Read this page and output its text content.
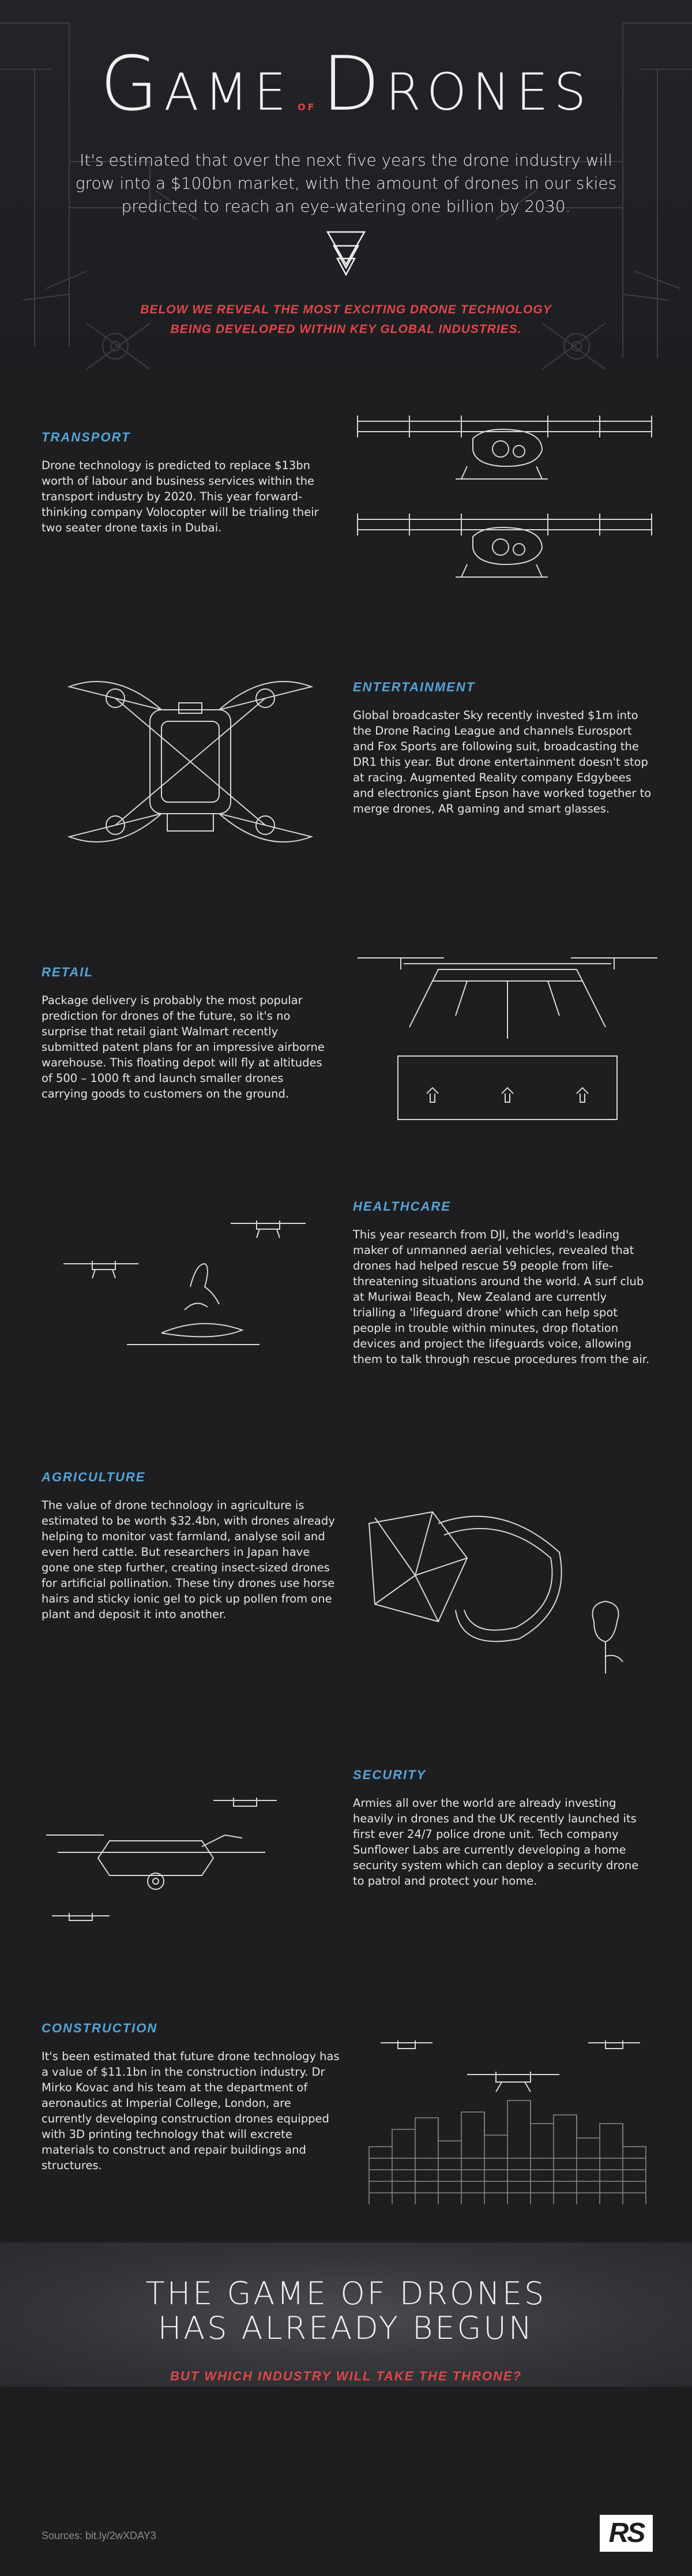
GAME OFDRONES
It's estimated that over the next five years the drone industry will grow into a $100bn market, with the amount of drones in our skies predicted to reach an eye-watering one billion by 2030.
BELOW WE REVEAL THE MOST EXCITING DRONE TECHNOLOGY
BEING DEVELOPED WITHIN KEY GLOBAL INDUSTRIES.
TRANSPORT
Drone technology is predicted to replace $13bn worth of labour and business services within the transport industry by 2020. This year forward-thinking company Volocopter will be trialing their two seater drone taxis in Dubai.
ENTERTAINMENT
Global broadcaster Sky recently invested $1m into the Drone Racing League and channels Eurosport and Fox Sports are following suit, broadcasting the DR1 this year. But drone entertainment doesn't stop at racing. Augmented Reality company Edgybees and electronics giant Epson have worked together to merge drones, AR gaming and smart glasses.
RETAIL
Package delivery is probably the most popular prediction for drones of the future, so it's no surprise that retail giant Walmart recently submitted patent plans for an impressive airborne warehouse. This floating depot will fly at altitudes of 500 – 1000 ft and launch smaller drones carrying goods to customers on the ground.
HEALTHCARE
This year research from DJI, the world's leading maker of unmanned aerial vehicles, revealed that drones had helped rescue 59 people from life-threatening situations around the world. A surf club at Muriwai Beach, New Zealand are currently trialling a 'lifeguard drone' which can help spot people in trouble within minutes, drop flotation devices and project the lifeguards voice, allowing them to talk through rescue procedures from the air.
AGRICULTURE
The value of drone technology in agriculture is estimated to be worth $32.4bn, with drones already helping to monitor vast farmland, analyse soil and even herd cattle. But researchers in Japan have gone one step further, creating insect-sized drones for artificial pollination. These tiny drones use horse hairs and sticky ionic gel to pick up pollen from one plant and deposit it into another.
SECURITY
Armies all over the world are already investing heavily in drones and the UK recently launched its first ever 24/7 police drone unit. Tech company Sunflower Labs are currently developing a home security system which can deploy a security drone to patrol and protect your home.
CONSTRUCTION
It's been estimated that future drone technology has a value of $11.1bn in the construction industry. Dr Mirko Kovac and his team at the department of aeronautics at Imperial College, London, are currently developing construction drones equipped with 3D printing technology that will excrete materials to construct and repair buildings and structures.
THE GAME OF DRONES
HAS ALREADY BEGUN
BUT WHICH INDUSTRY WILL TAKE THE THRONE?
Sources: bit.ly/2wXDAY3	RS
